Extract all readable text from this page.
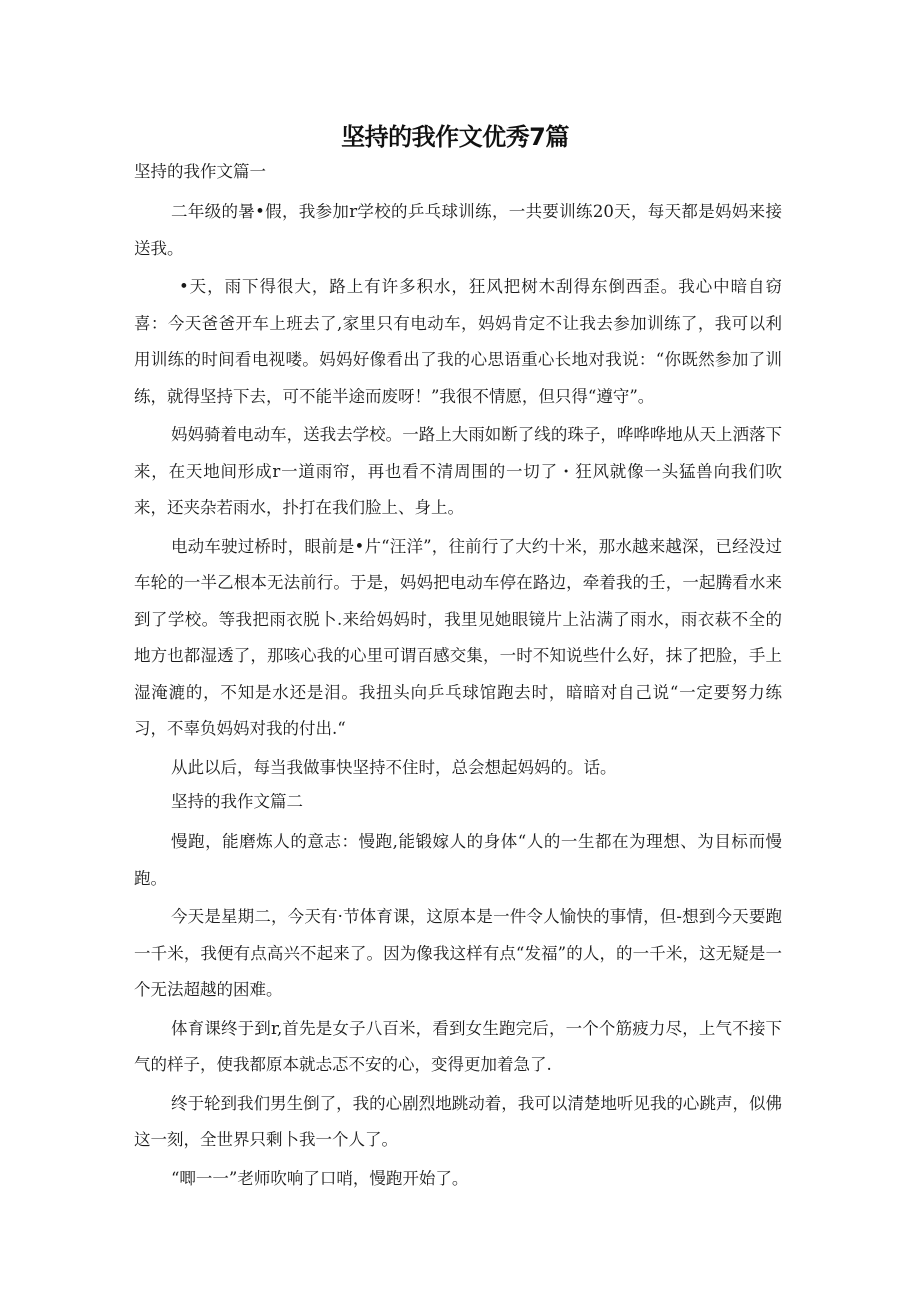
坚持的我作文优秀7篇
坚持的我作文篇一

二年级的暑•假，我参加r学校的乒乓球训练，一共要训练20天，每天都是妈妈来接送我。

•天，雨下得很大，路上有许多积水，狂风把树木刮得东倒西歪。我心中暗自窃喜：今天爸爸开车上班去了,家里只有电动车，妈妈肯定不让我去参加训练了，我可以利用训练的时间看电视喽。妈妈好像看出了我的心思语重心长地对我说：“你既然参加了训练，就得坚持下去，可不能半途而废呀！”我很不情愿，但只得“遵守”。

妈妈骑着电动车，送我去学校。一路上大雨如断了线的珠子，哗哗哗地从天上洒落下来，在天地间形成r一道雨帘，再也看不清周围的一切了・狂风就像一头猛兽向我们吹来，还夹杂若雨水，扑打在我们脸上、身上。

电动车驶过桥时，眼前是•片“汪洋”，往前行了大约十米，那水越来越深，已经没过车轮的一半乙根本无法前行。于是，妈妈把电动车停在路边，牵着我的壬，一起腾看水来到了学校。等我把雨衣脱卜.来给妈妈时，我里见她眼镜片上沾满了雨水，雨衣萩不全的地方也都湿透了，那咳心我的心里可谓百感交集，一时不知说些什么好，抹了把脸，手上湿淹漉的，不知是水还是泪。我扭头向乒乓球馆跑去时，暗暗对自己说“一定要努力练习，不辜负妈妈对我的付出.“

从此以后，每当我做事快坚持不住时，总会想起妈妈的。话。

坚持的我作文篇二

慢跑，能磨炼人的意志：慢跑,能锻嫁人的身体“人的一生都在为理想、为目标而慢跑。

今天是星期二，今天有·节体育课，这原本是一件令人愉快的事情，但-想到今天要跑一千米，我便有点高兴不起来了。因为像我这样有点“发福”的人，的一千米，这无疑是一个无法超越的困难。

体育课终于到r,首先是女子八百米，看到女生跑完后，一个个筋疲力尽，上气不接下气的样子，使我都原本就忐忑不安的心，变得更加着急了.

终于轮到我们男生倒了，我的心剧烈地跳动着，我可以清楚地听见我的心跳声，似佛这一刻，全世界只剩卜我一个人了。

“唧一一”老师吹响了口哨，慢跑开始了。
